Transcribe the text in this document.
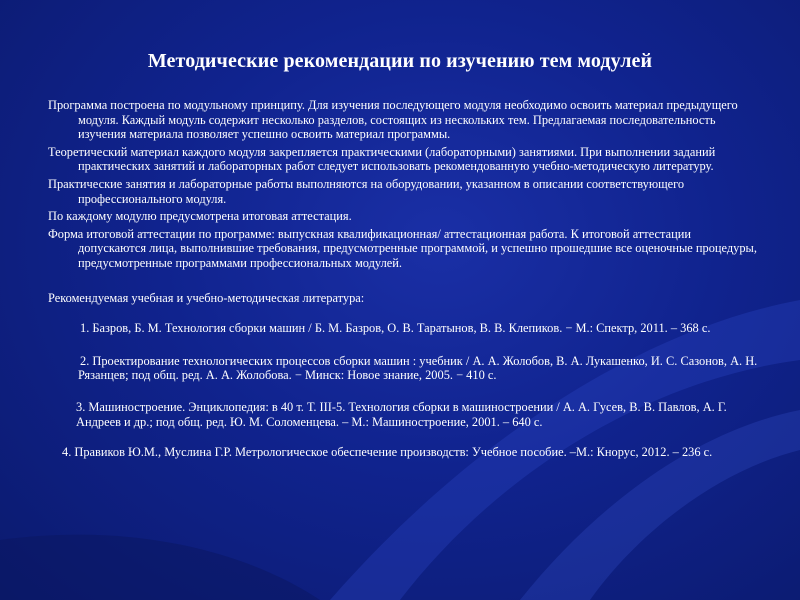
Методические рекомендации по изучению тем модулей
Программа построена по модульному принципу. Для изучения последующего модуля необходимо освоить материал предыдущего модуля. Каждый модуль содержит несколько разделов, состоящих из нескольких тем. Предлагаемая последовательность изучения материала позволяет успешно освоить материал программы.
Теоретический материал каждого модуля закрепляется практическими (лабораторными) занятиями. При выполнении заданий практических занятий и лабораторных работ следует использовать рекомендованную учебно-методическую литературу.
Практические занятия и лабораторные работы выполняются на оборудовании, указанном в описании соответствующего профессионального модуля.
По каждому модулю предусмотрена итоговая аттестация.
Форма итоговой аттестации по программе: выпускная квалификационная/ аттестационная работа. К итоговой аттестации допускаются лица, выполнившие требования, предусмотренные программой, и успешно прошедшие все оценочные процедуры, предусмотренные программами профессиональных модулей.
Рекомендуемая учебная и учебно-методическая литература:
1. Базров, Б. М. Технология сборки машин / Б. М. Базров, О. В. Таратынов, В. В. Клепиков. − М.: Спектр, 2011. – 368 с.
2. Проектирование технологических процессов сборки машин : учебник / А. А. Жолобов, В. А. Лукашенко, И. С. Сазонов, А. Н. Рязанцев; под общ. ред. А. А. Жолобова. − Минск: Новое знание, 2005. − 410 с.
3. Машиностроение. Энциклопедия: в 40 т. Т. III-5. Технология сборки в машиностроении / А. А. Гусев, В. В. Павлов, А. Г. Андреев и др.; под общ. ред. Ю. М. Соломенцева. – М.: Машиностроение, 2001. – 640 с.
4. Правиков Ю.М., Муслина Г.Р. Метрологическое обеспечение производств: Учебное пособие. –М.: Кнорус, 2012. – 236 с.
